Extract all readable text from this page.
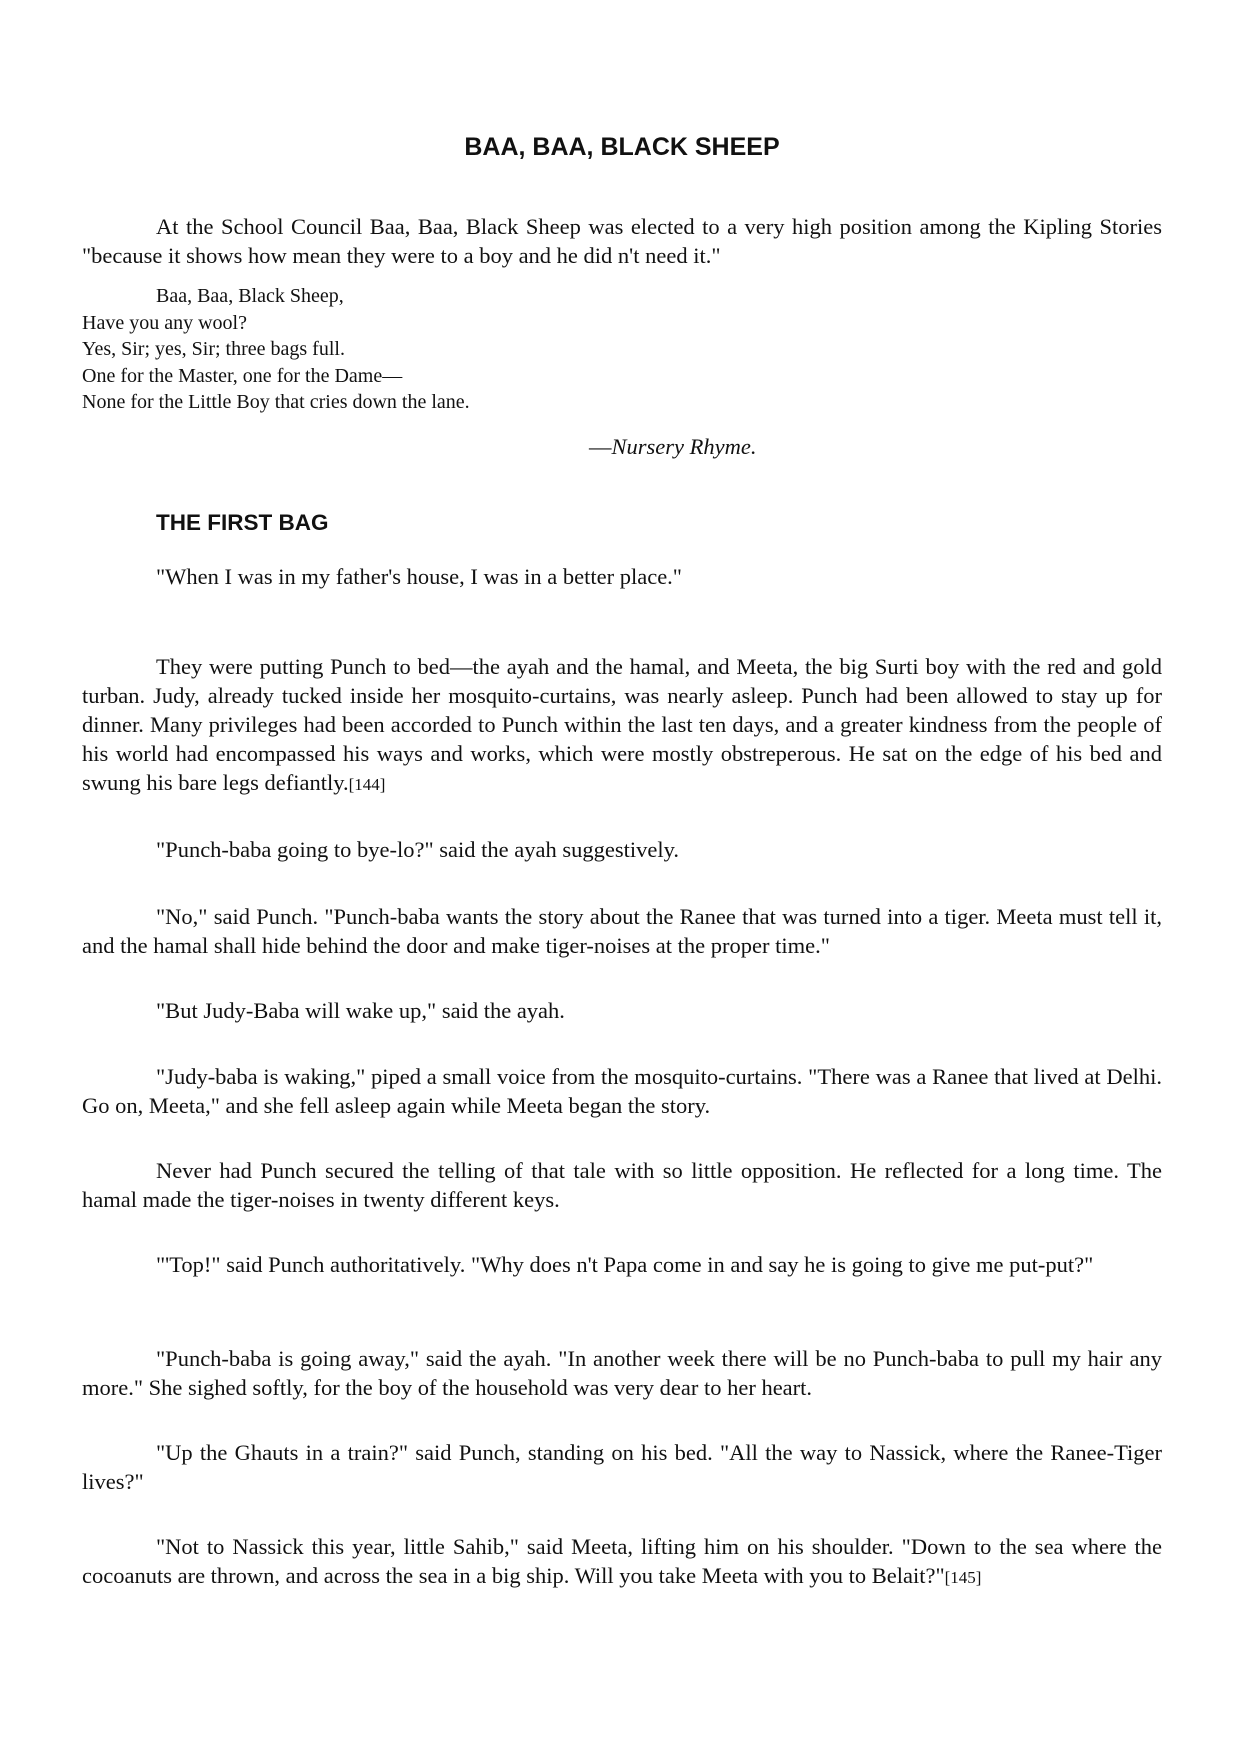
BAA, BAA, BLACK SHEEP

At the School Council Baa, Baa, Black Sheep was elected to a very high position among the Kipling Stories "because it shows how mean they were to a boy and he did n't need it."

Baa, Baa, Black Sheep,
Have you any wool?
Yes, Sir; yes, Sir; three bags full.
One for the Master, one for the Dame—
None for the Little Boy that cries down the lane.
—Nursery Rhyme.
THE FIRST BAG

"When I was in my father's house, I was in a better place."

They were putting Punch to bed—the ayah and the hamal, and Meeta, the big Surti boy with the red and gold turban. Judy, already tucked inside her mosquito-curtains, was nearly asleep. Punch had been allowed to stay up for dinner. Many privileges had been accorded to Punch within the last ten days, and a greater kindness from the people of his world had encompassed his ways and works, which were mostly obstreperous. He sat on the edge of his bed and swung his bare legs defiantly.[144]

"Punch-baba going to bye-lo?" said the ayah suggestively.

"No," said Punch. "Punch-baba wants the story about the Ranee that was turned into a tiger. Meeta must tell it, and the hamal shall hide behind the door and make tiger-noises at the proper time."

"But Judy-Baba will wake up," said the ayah.

"Judy-baba is waking," piped a small voice from the mosquito-curtains. "There was a Ranee that lived at Delhi. Go on, Meeta," and she fell asleep again while Meeta began the story.

Never had Punch secured the telling of that tale with so little opposition. He reflected for a long time. The hamal made the tiger-noises in twenty different keys.

"'Top!" said Punch authoritatively. "Why does n't Papa come in and say he is going to give me put-put?"

"Punch-baba is going away," said the ayah. "In another week there will be no Punch-baba to pull my hair any more." She sighed softly, for the boy of the household was very dear to her heart.

"Up the Ghauts in a train?" said Punch, standing on his bed. "All the way to Nassick, where the Ranee-Tiger lives?"

"Not to Nassick this year, little Sahib," said Meeta, lifting him on his shoulder. "Down to the sea where the cocoanuts are thrown, and across the sea in a big ship. Will you take Meeta with you to Belait?"[145]
